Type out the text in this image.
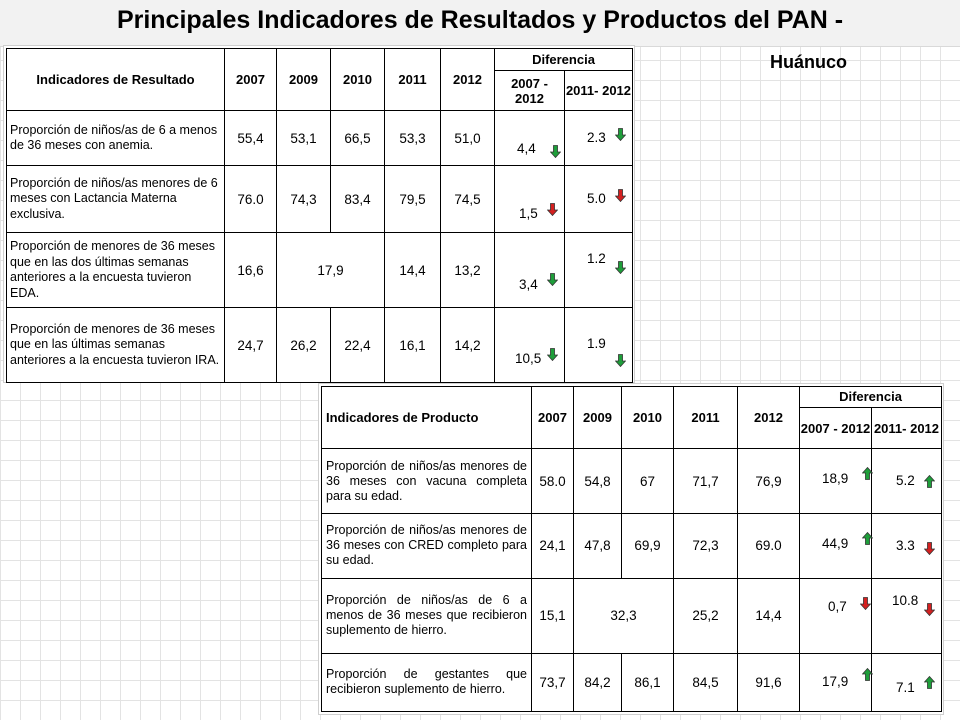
Principales Indicadores de Resultados y Productos del PAN -
Huánuco
Indicadores de Resultado	2007	2009	2010	2011	2012	Diferencia	
						2007 - 2012	2011- 2012
Proporción de niños/as de 6 a menos de 36 meses con anemia.	55,4	53,1	66,5	53,3	51,0	4,4	2.3

Proporción de niños/as menores de 6 meses con Lactancia Materna exclusiva.	76.0	74,3	83,4	79,5	74,5	1,5	5.0

Proporción de menores de 36 meses que en las dos últimas semanas anteriores a la encuesta tuvieron EDA.	16,6	17,9		14,4	13,2	3,4	1.2

Proporción de menores de 36 meses que en las últimas semanas anteriores a la encuesta tuvieron IRA.	24,7	26,2	22,4	16,1	14,2	10,5	1.9
Indicadores de Producto	2007	2009	2010	2011	2012	Diferencia	
						2007 - 2012	2011- 2012
Proporción de niños/as menores de 36 meses con vacuna completa para su edad.	58.0	54,8	67	71,7	76,9	18,9	5.2

Proporción de niños/as menores de 36 meses con CRED completo para su edad.	24,1	47,8	69,9	72,3	69.0	44,9	3.3

Proporción de niños/as de 6 a menos de 36 meses que recibieron suplemento de hierro.	15,1	32,3		25,2	14,4	0,7	10.8

Proporción de gestantes que recibieron suplemento de hierro.	73,7	84,2	86,1	84,5	91,6	17,9	7.1
